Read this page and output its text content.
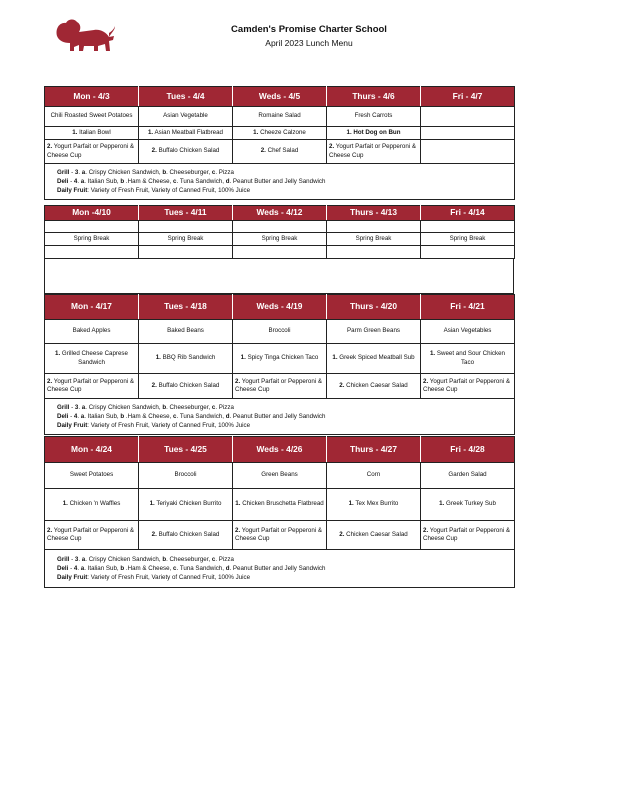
Camden's Promise Charter School
April 2023 Lunch Menu
Mon - 4/3	Tues - 4/4	Weds - 4/5	Thurs - 4/6	Fri - 4/7
Chili Roasted Sweet Potatoes	Asian Vegetable	Romaine Salad	Fresh Carrots	
1. Italian Bowl	1. Asian Meatball Flatbread	1. Cheeze Calzone	1. Hot Dog on Bun	
2. Yogurt Parfait or Pepperoni & Cheese Cup	2. Buffalo Chicken Salad	2. Chef Salad	2. Yogurt Parfait or Pepperoni & Cheese Cup	

Grill - 3. a. Crispy Chicken Sandwich, b. Cheeseburger, c. Pizza
Deli - 4. a. Italian Sub, b .Ham & Cheese, c. Tuna Sandwich, d. Peanut Butter and Jelly Sandwich
Daily Fruit: Variety of Fresh Fruit, Variety of Canned Fruit, 100% Juice				
Mon -4/10	Tues - 4/11	Weds - 4/12	Thurs - 4/13	Fri - 4/14

Spring Break	Spring Break	Spring Break	Spring Break	Spring Break

Mon - 4/17	Tues - 4/18	Weds - 4/19	Thurs - 4/20	Fri - 4/21
Baked Apples	Baked Beans	Broccoli	Parm Green Beans	Asian Vegetables
1. Grilled Cheese Caprese Sandwich	1. BBQ Rib Sandwich	1. Spicy Tinga Chicken Taco	1. Greek Spiced Meatball Sub	1. Sweet and Sour Chicken Taco
2. Yogurt Parfait or Pepperoni & Cheese Cup	2. Buffalo Chicken Salad	2. Yogurt Parfait or Pepperoni & Cheese Cup	2. Chicken Caesar Salad	2. Yogurt Parfait or Pepperoni & Cheese Cup

Grill - 3. a. Crispy Chicken Sandwich, b. Cheeseburger, c. Pizza
Deli - 4. a. Italian Sub, b .Ham & Cheese, c. Tuna Sandwich, d. Peanut Butter and Jelly Sandwich
Daily Fruit: Variety of Fresh Fruit, Variety of Canned Fruit, 100% Juice				
Mon - 4/24	Tues - 4/25	Weds - 4/26	Thurs - 4/27	Fri - 4/28
Sweet Potatoes	Broccoli	Green Beans	Corn	Garden Salad
1. Chicken 'n Waffles	1. Teriyaki Chicken Burrito	1. Chicken Bruschetta Flatbread	1. Tex Mex Burrito	1. Greek Turkey Sub
2. Yogurt Parfait or Pepperoni & Cheese Cup	2. Buffalo Chicken Salad	2. Yogurt Parfait or Pepperoni & Cheese Cup	2. Chicken Caesar Salad	2. Yogurt Parfait or Pepperoni & Cheese Cup

Grill - 3. a. Crispy Chicken Sandwich, b. Cheeseburger, c. Pizza
Deli - 4. a. Italian Sub, b .Ham & Cheese, c. Tuna Sandwich, d. Peanut Butter and Jelly Sandwich
Daily Fruit: Variety of Fresh Fruit, Variety of Canned Fruit, 100% Juice				
